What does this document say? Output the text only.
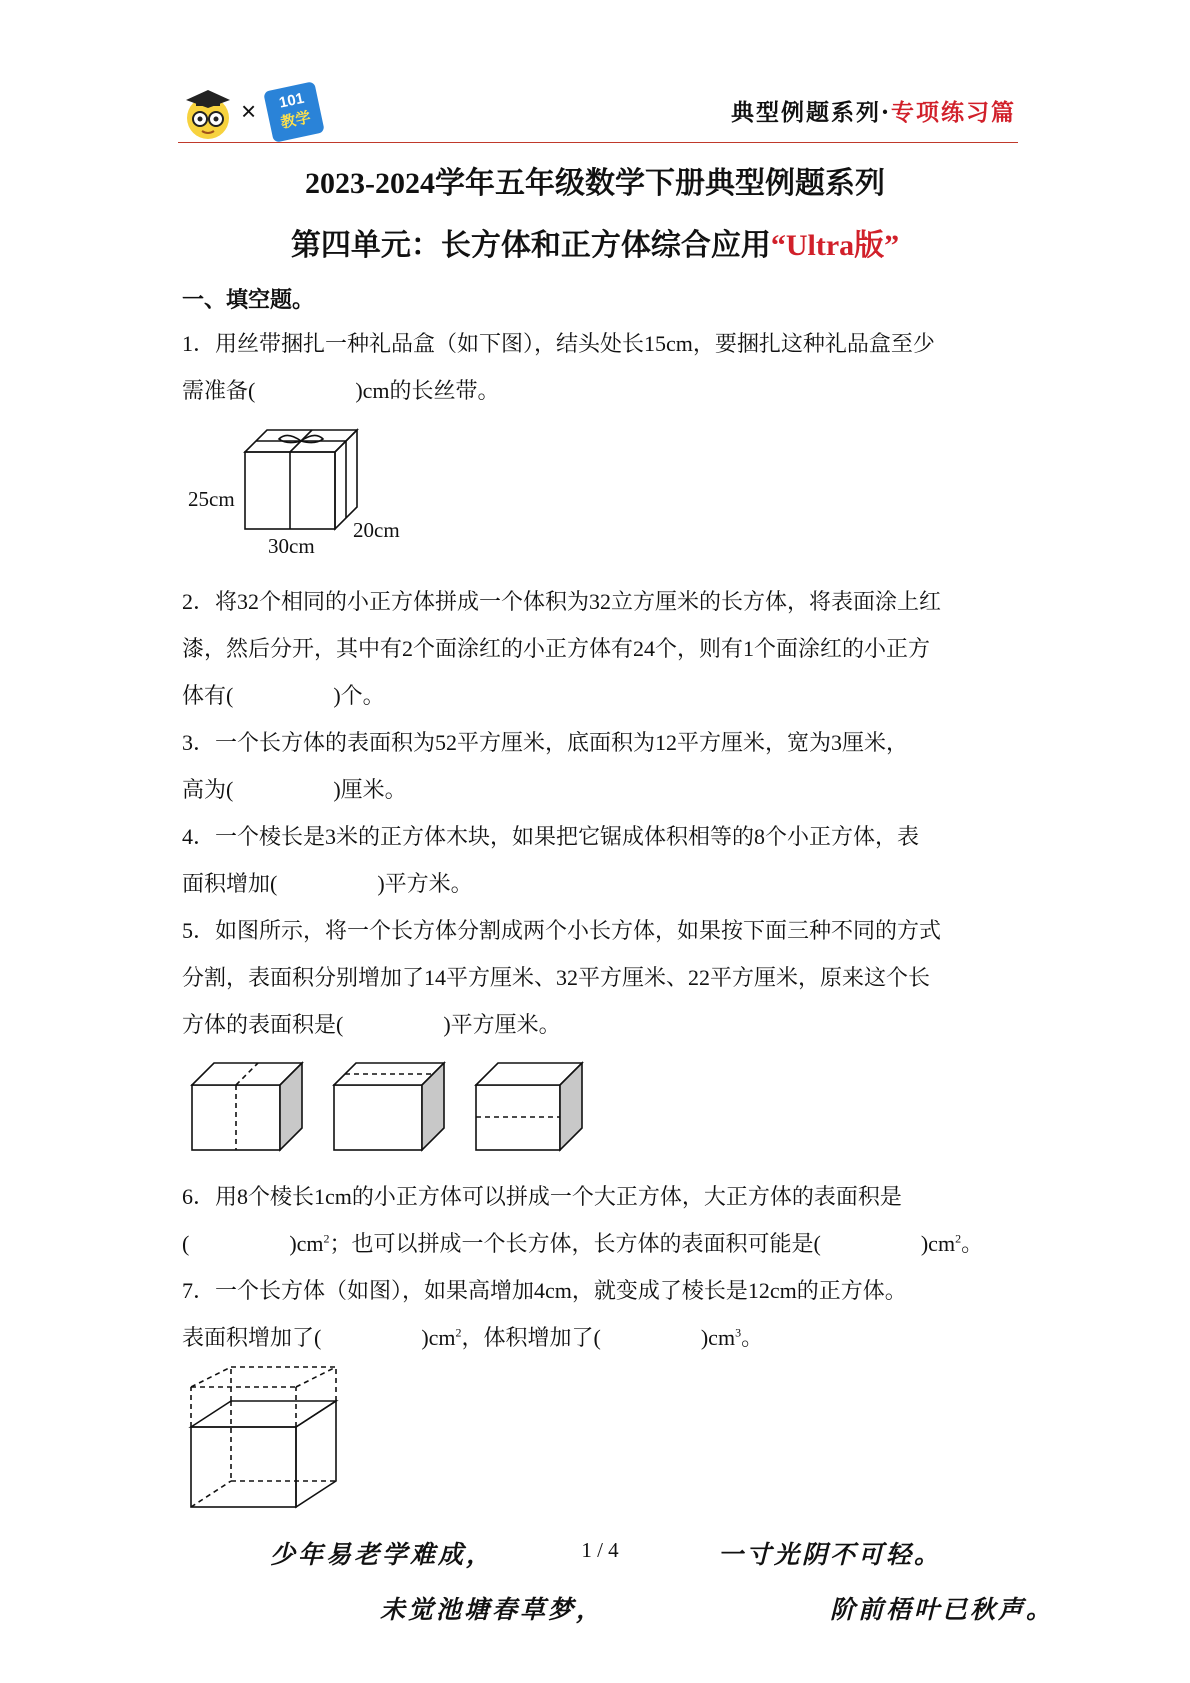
×	101
教学	典型例题系列·专项练习篇
2023-2024学年五年级数学下册典型例题系列
第四单元：长方体和正方体综合应用“Ultra版”
一、填空题。
1．用丝带捆扎一种礼品盒（如下图），结头处长15cm，要捆扎这种礼品盒至少
需准备(	)cm的长丝带。
25cm
30cm
20cm
2．将32个相同的小正方体拼成一个体积为32立方厘米的长方体，将表面涂上红
漆，然后分开，其中有2个面涂红的小正方体有24个，则有1个面涂红的小正方
体有(	)个。
3．一个长方体的表面积为52平方厘米，底面积为12平方厘米，宽为3厘米，
高为(	)厘米。
4．一个棱长是3米的正方体木块，如果把它锯成体积相等的8个小正方体，表
面积增加(	)平方米。
5．如图所示，将一个长方体分割成两个小长方体，如果按下面三种不同的方式
分割，表面积分别增加了14平方厘米、32平方厘米、22平方厘米，原来这个长
方体的表面积是(	)平方厘米。
6．用8个棱长1cm的小正方体可以拼成一个大正方体，大正方体的表面积是
(	)$cm^2$；也可以拼成一个长方体，长方体的表面积可能是(	)$cm^2$。
7．一个长方体（如图），如果高增加4cm，就变成了棱长是12cm的正方体。
表面积增加了(	)$cm^2$，体积增加了(	)$cm^3$。
少年易老学难成，	1 / 4	一寸光阴不可轻。
未觉池塘春草梦，	阶前梧叶已秋声。
